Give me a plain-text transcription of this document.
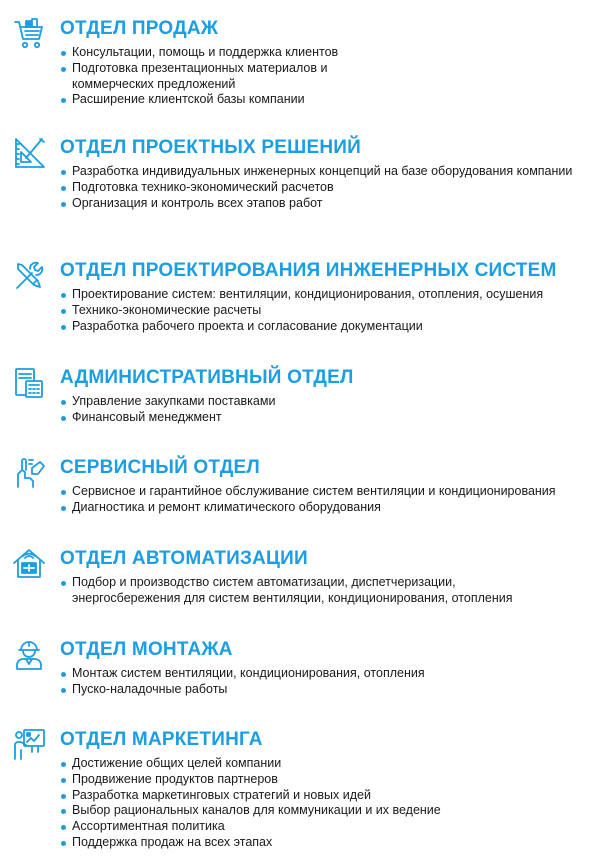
ОТДЕЛ ПРОДАЖ
Консультации, помощь и поддержка клиентов
Подготовка презентационных материалов и коммерческих предложений
Расширение клиентской базы компании
ОТДЕЛ ПРОЕКТНЫХ РЕШЕНИЙ
Разработка индивидуальных инженерных концепций на базе оборудования компании
Подготовка технико-экономический расчетов
Организация и контроль всех этапов работ
ОТДЕЛ ПРОЕКТИРОВАНИЯ ИНЖЕНЕРНЫХ СИСТЕМ
Проектирование систем: вентиляции, кондиционирования, отопления, осушения
Технико-экономические расчеты
Разработка рабочего проекта и согласование документации
АДМИНИСТРАТИВНЫЙ ОТДЕЛ
Управление закупками поставками
Финансовый менеджмент
СЕРВИСНЫЙ ОТДЕЛ
Сервисное и гарантийное обслуживание систем вентиляции и кондиционирования
Диагностика и ремонт климатического оборудования
ОТДЕЛ АВТОМАТИЗАЦИИ
Подбор и производство систем автоматизации, диспетчеризации, энергосбережения для систем вентиляции, кондиционирования, отопления
ОТДЕЛ МОНТАЖА
Монтаж систем вентиляции, кондиционирования, отопления
Пуско-наладочные работы
ОТДЕЛ МАРКЕТИНГА
Достижение общих целей компании
Продвижение продуктов партнеров
Разработка маркетинговых стратегий и новых идей
Выбор рациональных каналов для коммуникации и их ведение
Ассортиментная политика
Поддержка продаж на всех этапах
